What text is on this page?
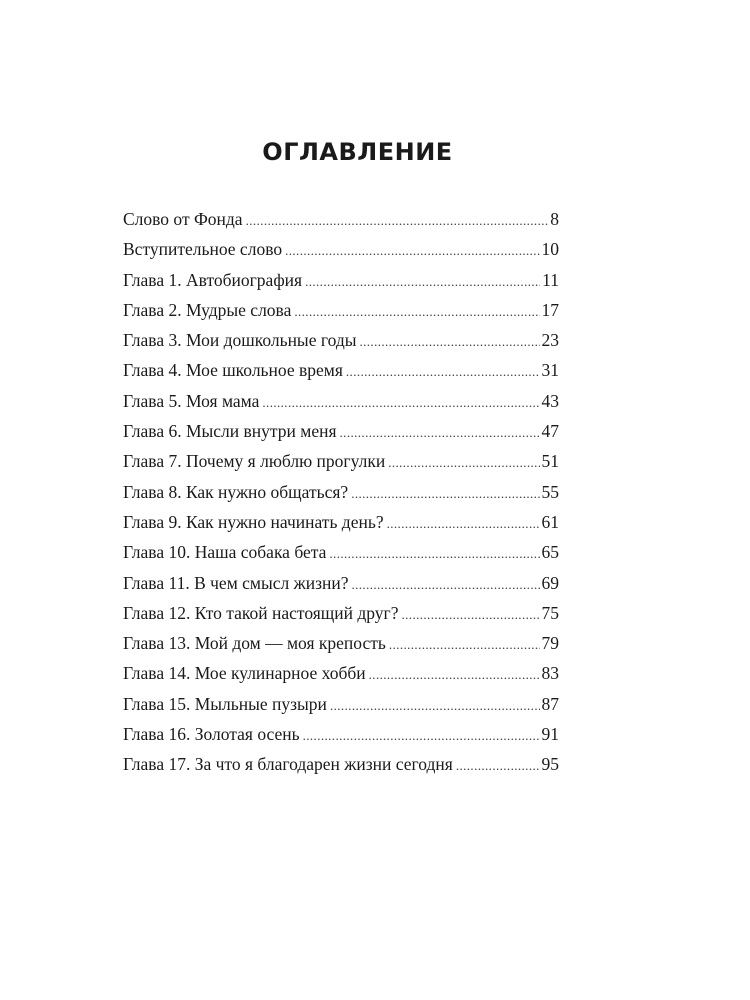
ОГЛАВЛЕНИЕ
Слово от Фонда .....	8
Вступительное слово .....	10
Глава 1. Автобиография .....	11
Глава 2. Мудрые слова .....	17
Глава 3. Мои дошкольные годы .....	23
Глава 4. Мое школьное время .....	31
Глава 5. Моя мама .....	43
Глава 6. Мысли внутри меня .....	47
Глава 7. Почему я люблю прогулки .....	51
Глава 8. Как нужно общаться? .....	55
Глава 9. Как нужно начинать день? .....	61
Глава 10. Наша собака бета .....	65
Глава 11. В чем смысл жизни? .....	69
Глава 12. Кто такой настоящий друг? .....	75
Глава 13. Мой дом — моя крепость .....	79
Глава 14. Мое кулинарное хобби .....	83
Глава 15. Мыльные пузыри .....	87
Глава 16. Золотая осень .....	91
Глава 17. За что я благодарен жизни сегодня .....	95
